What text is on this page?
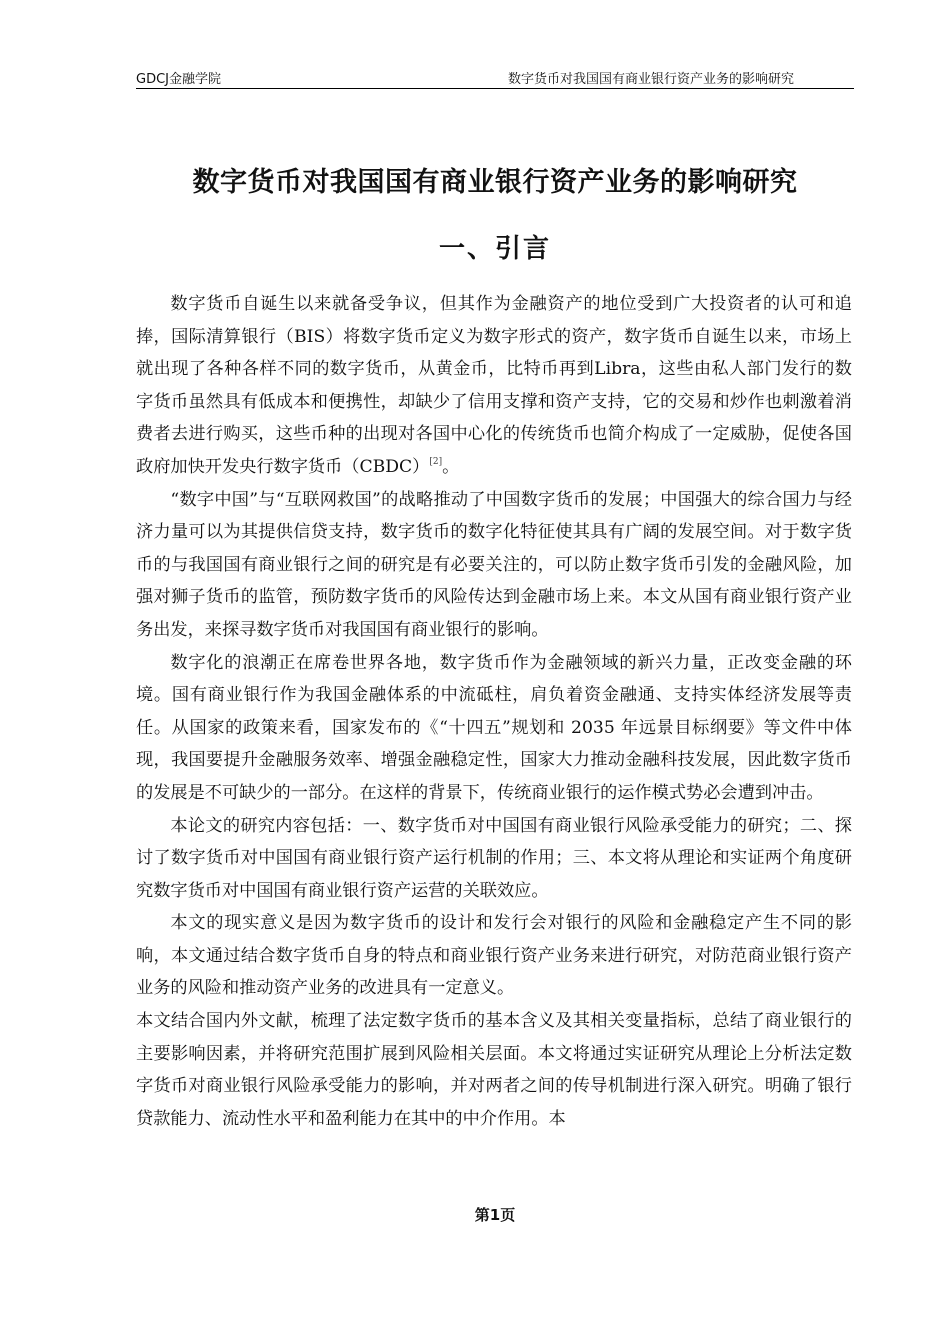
GDCJ金融学院	数字货币对我国国有商业银行资产业务的影响研究
数字货币对我国国有商业银行资产业务的影响研究
一、引言

数字货币自诞生以来就备受争议，但其作为金融资产的地位受到广大投资者的认可和追捧，国际清算银行（BIS）将数字货币定义为数字形式的资产，数字货币自诞生以来，市场上就出现了各种各样不同的数字货币，从黄金币，比特币再到Libra，这些由私人部门发行的数字货币虽然具有低成本和便携性，却缺少了信用支撑和资产支持，它的交易和炒作也刺激着消费者去进行购买，这些币种的出现对各国中心化的传统货币也简介构成了一定威胁，促使各国政府加快开发央行数字货币（CBDC）[2]。

“数字中国”与“互联网救国”的战略推动了中国数字货币的发展；中国强大的综合国力与经济力量可以为其提供信贷支持，数字货币的数字化特征使其具有广阔的发展空间。对于数字货币的与我国国有商业银行之间的研究是有必要关注的，可以防止数字货币引发的金融风险，加强对狮子货币的监管，预防数字货币的风险传达到金融市场上来。本文从国有商业银行资产业务出发，来探寻数字货币对我国国有商业银行的影响。

数字化的浪潮正在席卷世界各地，数字货币作为金融领域的新兴力量，正改变金融的环境。国有商业银行作为我国金融体系的中流砥柱，肩负着资金融通、支持实体经济发展等责任。从国家的政策来看，国家发布的《“十四五”规划和 2035 年远景目标纲要》等文件中体现，我国要提升金融服务效率、增强金融稳定性，国家大力推动金融科技发展，因此数字货币的发展是不可缺少的一部分。在这样的背景下，传统商业银行的运作模式势必会遭到冲击。

本论文的研究内容包括：一、数字货币对中国国有商业银行风险承受能力的研究；二、探讨了数字货币对中国国有商业银行资产运行机制的作用；三、本文将从理论和实证两个角度研究数字货币对中国国有商业银行资产运营的关联效应。

本文的现实意义是因为数字货币的设计和发行会对银行的风险和金融稳定产生不同的影响，本文通过结合数字货币自身的特点和商业银行资产业务来进行研究，对防范商业银行资产业务的风险和推动资产业务的改进具有一定意义。

本文结合国内外文献，梳理了法定数字货币的基本含义及其相关变量指标，总结了商业银行的主要影响因素，并将研究范围扩展到风险相关层面。本文将通过实证研究从理论上分析法定数字货币对商业银行风险承受能力的影响，并对两者之间的传导机制进行深入研究。明确了银行贷款能力、流动性水平和盈利能力在其中的中介作用。本

第1页
